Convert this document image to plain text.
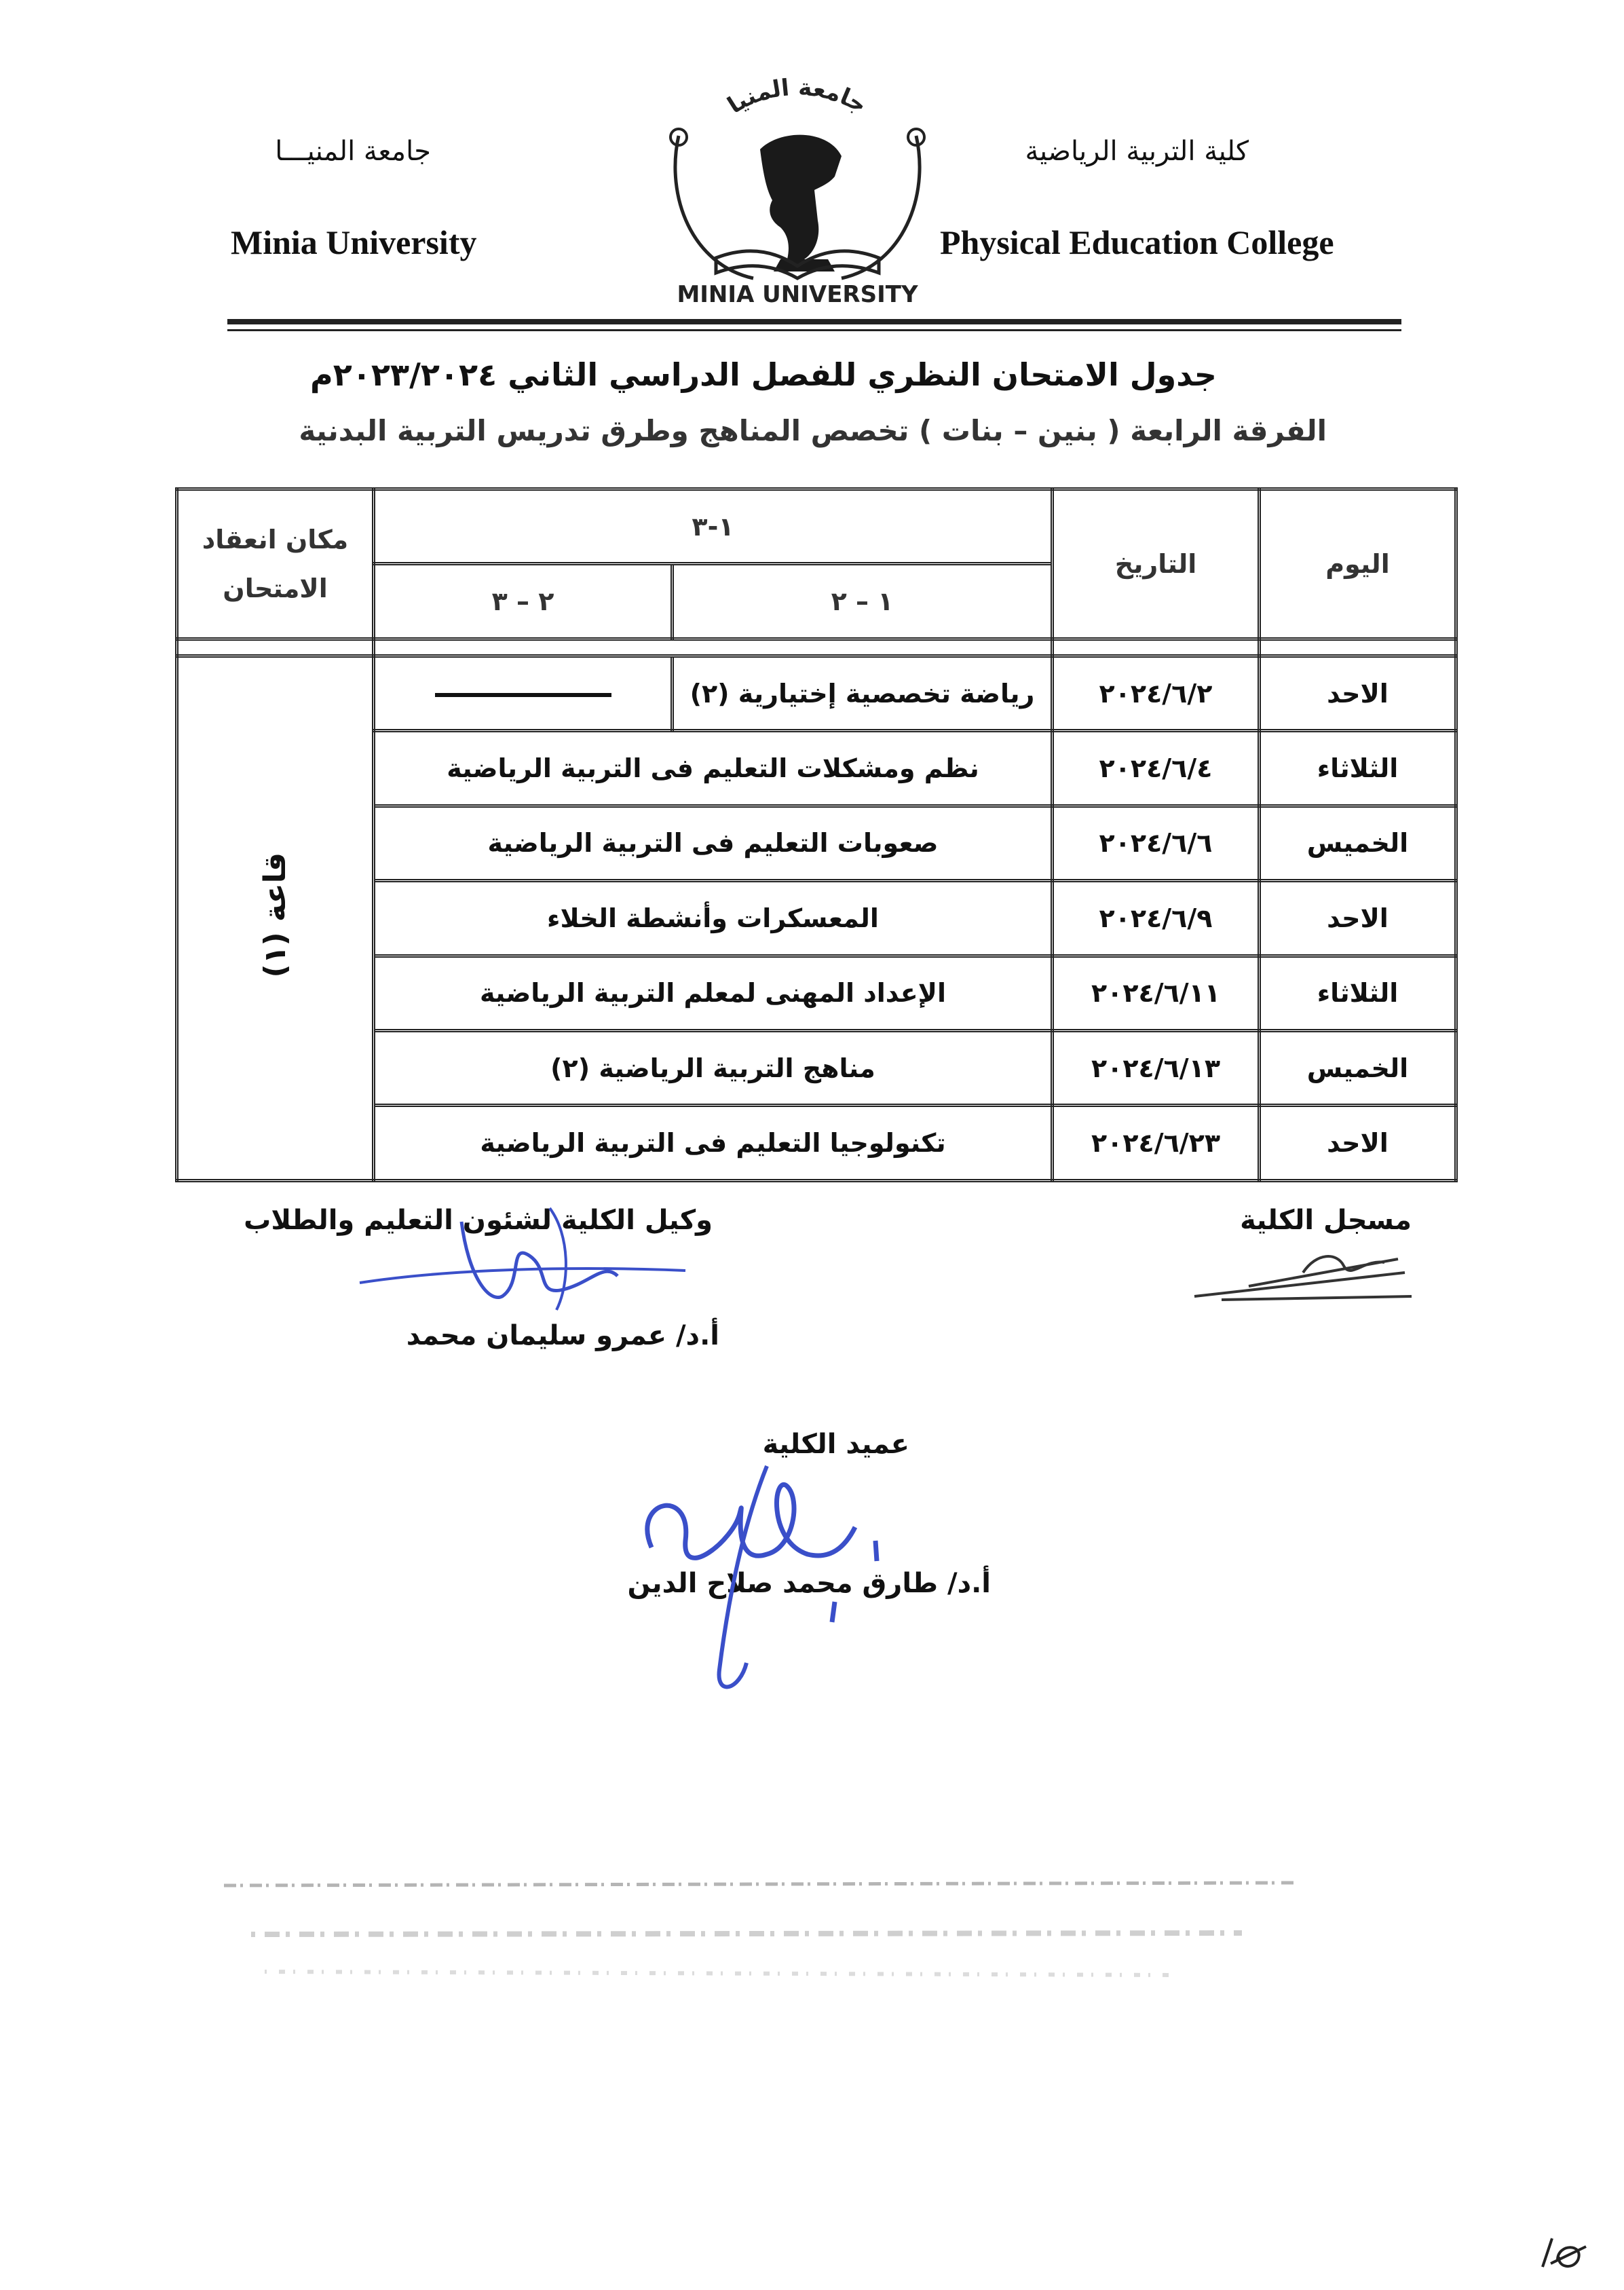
جامعة المنيـــا
Minia University
كلية التربية الرياضية
Physical Education College
جامعة المنيا
MINIA UNIVERSITY
جدول الامتحان النظري للفصل الدراسي الثاني ٢٠٢٣/٢٠٢٤م
الفرقة الرابعة ( بنين – بنات ) تخصص المناهج وطرق تدريس التربية البدنية
اليوم	التاريخ	١-٣		مكان انعقاد الامتحان
		١ – ٢	٢ – ٣	

الاحد	٢٠٢٤/٦/٢	رياضة تخصصية إختيارية (٢)		قاعة (١)
الثلاثاء	٢٠٢٤/٦/٤	نظم ومشكلات التعليم فى التربية الرياضية		
الخميس	٢٠٢٤/٦/٦	صعوبات التعليم فى التربية الرياضية		
الاحد	٢٠٢٤/٦/٩	المعسكرات وأنشطة الخلاء		
الثلاثاء	٢٠٢٤/٦/١١	الإعداد المهنى لمعلم التربية الرياضية		
الخميس	٢٠٢٤/٦/١٣	مناهج التربية الرياضية (٢)		
الاحد	٢٠٢٤/٦/٢٣	تكنولوجيا التعليم فى التربية الرياضية		
مسجل الكلية
وكيل الكلية لشئون التعليم والطلاب
أ.د/ عمرو سليمان محمد
عميد الكلية
أ.د/ طارق محمد صلاح الدين
